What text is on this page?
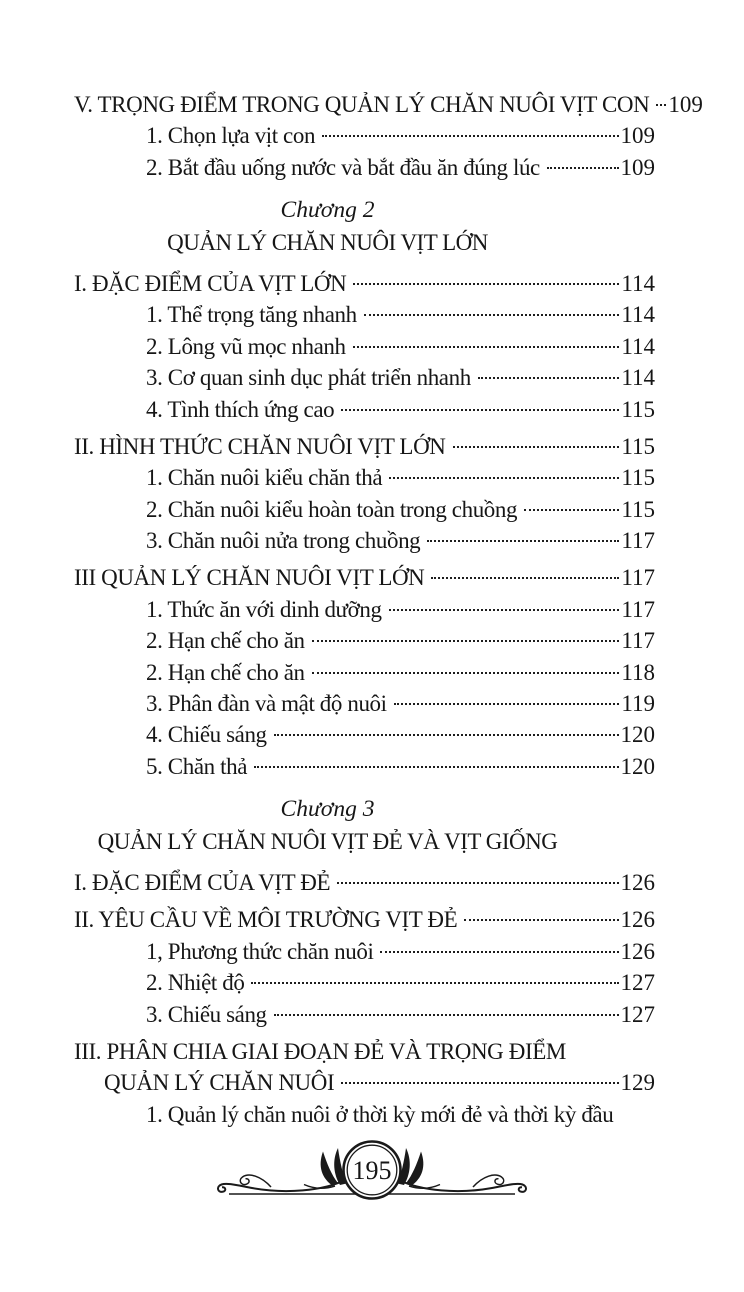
V. TRỌNG ĐIỂM TRONG QUẢN LÝ CHĂN NUÔI VỊT CON 109
1. Chọn lựa vịt con	109
2. Bắt đầu uống nước và bắt đầu ăn đúng lúc	109
Chương 2
QUẢN LÝ CHĂN NUÔI VỊT LỚN
I. ĐẶC ĐIỂM CỦA VỊT LỚN	114
1. Thể trọng tăng nhanh	114
2. Lông vũ mọc nhanh	114
3. Cơ quan sinh dục phát triển nhanh	114
4. Tình thích ứng cao	115
II. HÌNH THỨC CHĂN NUÔI VỊT LỚN	115
1. Chăn nuôi kiểu chăn thả	115
2. Chăn nuôi kiểu hoàn toàn trong chuồng	115
3. Chăn nuôi nửa trong chuồng	117
III QUẢN LÝ CHĂN NUÔI VỊT LỚN	117
1. Thức ăn với dinh dưỡng	117
2. Hạn chế cho ăn	117
2. Hạn chế cho ăn	118
3. Phân đàn và mật độ nuôi	119
4. Chiếu sáng	120
5. Chăn thả	120
Chương 3
QUẢN LÝ CHĂN NUÔI VỊT ĐẺ VÀ VỊT GIỐNG
I. ĐẶC ĐIỂM CỦA VỊT ĐẺ	126
II. YÊU CẦU VỀ MÔI TRƯỜNG VỊT ĐẺ	126
1, Phương thức chăn nuôi	126
2. Nhiệt độ	127
3. Chiếu sáng	127
III. PHÂN CHIA GIAI ĐOẠN ĐẺ VÀ TRỌNG ĐIỂM
QUẢN LÝ CHĂN NUÔI	129
1. Quản lý chăn nuôi ở thời kỳ mới đẻ và thời kỳ đầu
195
